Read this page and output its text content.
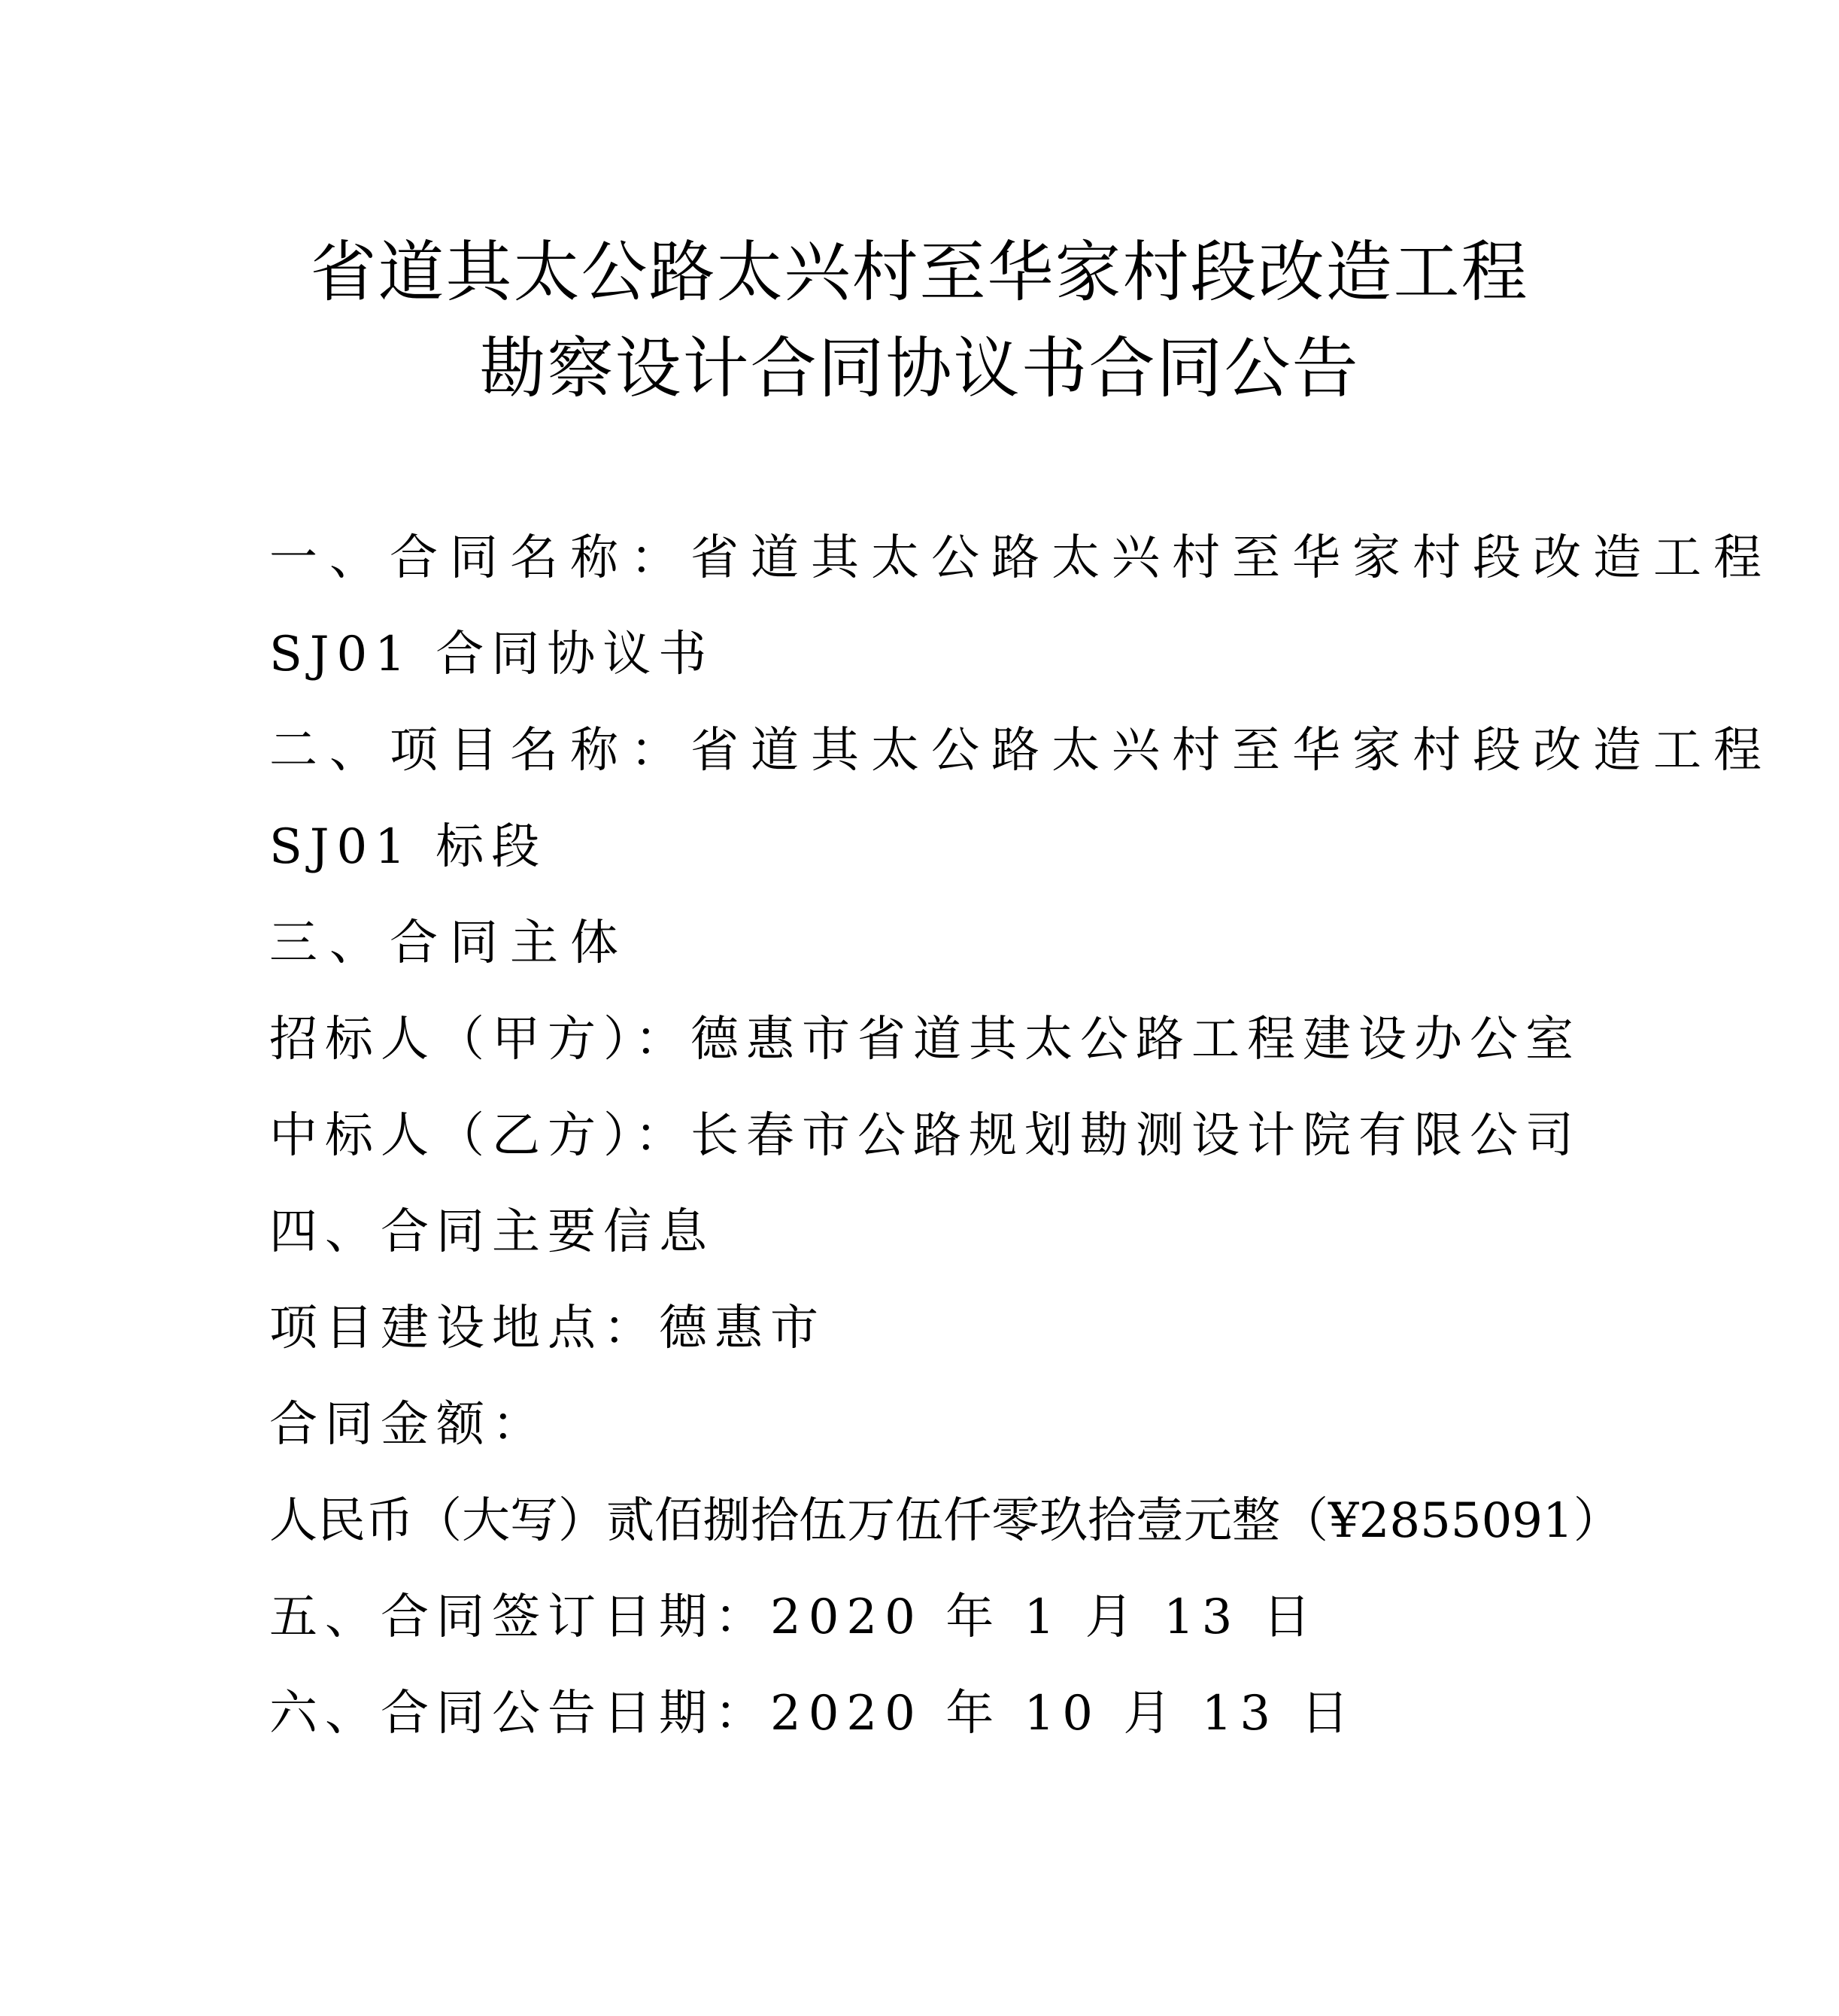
省道其太公路太兴村至华家村段改造工程
勘察设计合同协议书合同公告
一、合同名称：省道其太公路太兴村至华家村段改造工程
SJ01 合同协议书
二、项目名称：省道其太公路太兴村至华家村段改造工程
SJ01 标段
三、合同主体
招标人（甲方）：德惠市省道其太公路工程建设办公室
中标人（乙方）：长春市公路规划勘测设计院有限公司
四、合同主要信息
项目建设地点：德惠市
合同金额：
人民币（大写）贰佰捌拾伍万伍仟零玖拾壹元整（¥2855091）
五、合同签订日期：2020 年 1 月 13 日
六、合同公告日期：2020 年 10 月 13 日
